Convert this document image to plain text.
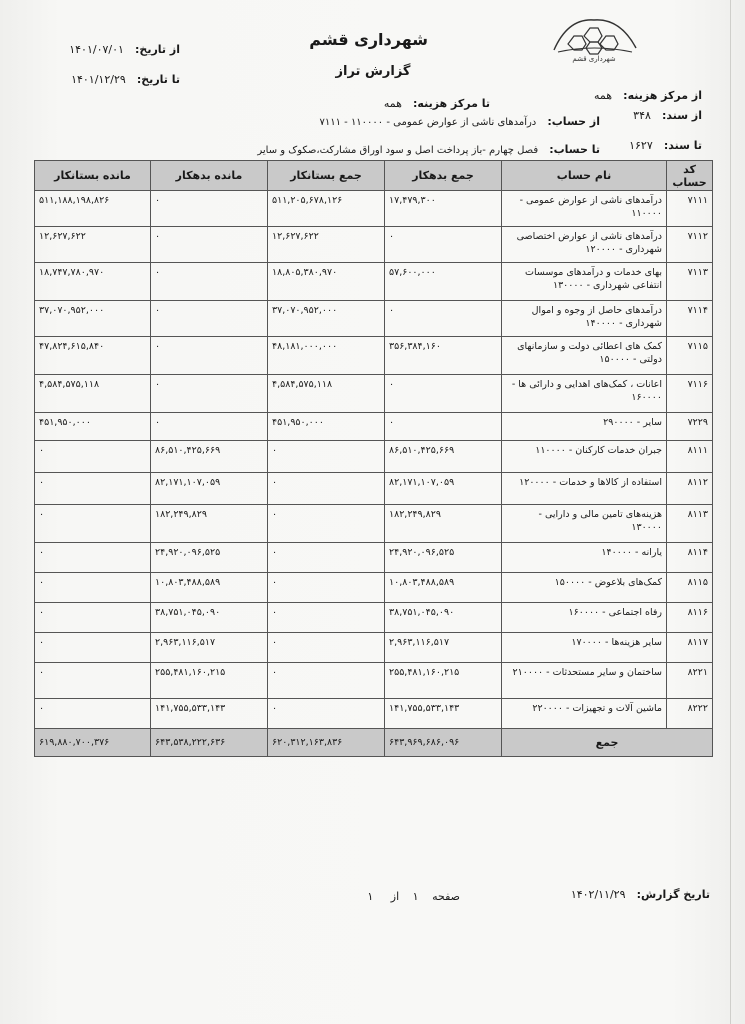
شهرداری قشم
شهرداری قشم
گزارش تراز
از تاریخ: ۱۴۰۱/۰۷/۰۱
تا تاریخ: ۱۴۰۱/۱۲/۲۹
از مرکز هزینه: همه
از سند: ۳۴۸
تا سند: ۱۶۲۷
تا مرکز هزینه: همه
از حساب: درآمدهای ناشی از عوارض عمومی - ۱۱۰۰۰۰ - ۷۱۱۱
تا حساب: فصل چهارم -باز پرداخت اصل و سود اوراق مشارکت،صکوک و سایر
کد حساب	نام حساب	جمع بدهکار	جمع بستانکار	مانده بدهکار	مانده بستانکار
۷۱۱۱	درآمدهای ناشی از عوارض عمومی - ۱۱۰۰۰۰	۱۷,۴۷۹,۳۰۰	۵۱۱,۲۰۵,۶۷۸,۱۲۶	۰	۵۱۱,۱۸۸,۱۹۸,۸۲۶
۷۱۱۲	درآمدهای ناشی از عوارض اختصاصی شهرداری - ۱۲۰۰۰۰	۰	۱۲,۶۲۷,۶۲۲	۰	۱۲,۶۲۷,۶۲۲
۷۱۱۳	بهای خدمات و درآمدهای موسسات انتفاعی شهرداری - ۱۳۰۰۰۰	۵۷,۶۰۰,۰۰۰	۱۸,۸۰۵,۳۸۰,۹۷۰	۰	۱۸,۷۴۷,۷۸۰,۹۷۰
۷۱۱۴	درآمدهای حاصل از وجوه و اموال شهرداری - ۱۴۰۰۰۰	۰	۳۷,۰۷۰,۹۵۲,۰۰۰	۰	۳۷,۰۷۰,۹۵۲,۰۰۰
۷۱۱۵	کمک های اعطائی دولت و سازمانهای دولتی - ۱۵۰۰۰۰	۳۵۶,۳۸۴,۱۶۰	۴۸,۱۸۱,۰۰۰,۰۰۰	۰	۴۷,۸۲۴,۶۱۵,۸۴۰
۷۱۱۶	اعانات ، کمک‌های اهدایی و دارائی ها - ۱۶۰۰۰۰	۰	۴,۵۸۴,۵۷۵,۱۱۸	۰	۴,۵۸۴,۵۷۵,۱۱۸
۷۲۲۹	سایر - ۲۹۰۰۰۰	۰	۴۵۱,۹۵۰,۰۰۰	۰	۴۵۱,۹۵۰,۰۰۰
۸۱۱۱	جبران خدمات کارکنان - ۱۱۰۰۰۰	۸۶,۵۱۰,۴۲۵,۶۶۹	۰	۸۶,۵۱۰,۴۲۵,۶۶۹	۰
۸۱۱۲	استفاده از کالاها و خدمات - ۱۲۰۰۰۰	۸۲,۱۷۱,۱۰۷,۰۵۹	۰	۸۲,۱۷۱,۱۰۷,۰۵۹	۰
۸۱۱۳	هزینه‌های تامین مالی و دارایی - ۱۳۰۰۰۰	۱۸۲,۲۴۹,۸۲۹	۰	۱۸۲,۲۴۹,۸۲۹	۰
۸۱۱۴	یارانه - ۱۴۰۰۰۰	۲۴,۹۲۰,۰۹۶,۵۲۵	۰	۲۴,۹۲۰,۰۹۶,۵۲۵	۰
۸۱۱۵	کمک‌های بلاعوض - ۱۵۰۰۰۰	۱۰,۸۰۳,۴۸۸,۵۸۹	۰	۱۰,۸۰۳,۴۸۸,۵۸۹	۰
۸۱۱۶	رفاه اجتماعی - ۱۶۰۰۰۰	۳۸,۷۵۱,۰۴۵,۰۹۰	۰	۳۸,۷۵۱,۰۴۵,۰۹۰	۰
۸۱۱۷	سایر هزینه‌ها - ۱۷۰۰۰۰	۲,۹۶۳,۱۱۶,۵۱۷	۰	۲,۹۶۳,۱۱۶,۵۱۷	۰
۸۲۲۱	ساختمان و سایر مستحدثات - ۲۱۰۰۰۰	۲۵۵,۴۸۱,۱۶۰,۲۱۵	۰	۲۵۵,۴۸۱,۱۶۰,۲۱۵	۰
۸۲۲۲	ماشین آلات و تجهیزات - ۲۲۰۰۰۰	۱۴۱,۷۵۵,۵۳۳,۱۴۳	۰	۱۴۱,۷۵۵,۵۳۳,۱۴۳	۰
جمع		۶۴۳,۹۶۹,۶۸۶,۰۹۶	۶۲۰,۳۱۲,۱۶۳,۸۳۶	۶۴۳,۵۳۸,۲۲۲,۶۳۶	۶۱۹,۸۸۰,۷۰۰,۳۷۶
تاریخ گزارش: ۱۴۰۲/۱۱/۲۹
صفحه ۱ از ۱
